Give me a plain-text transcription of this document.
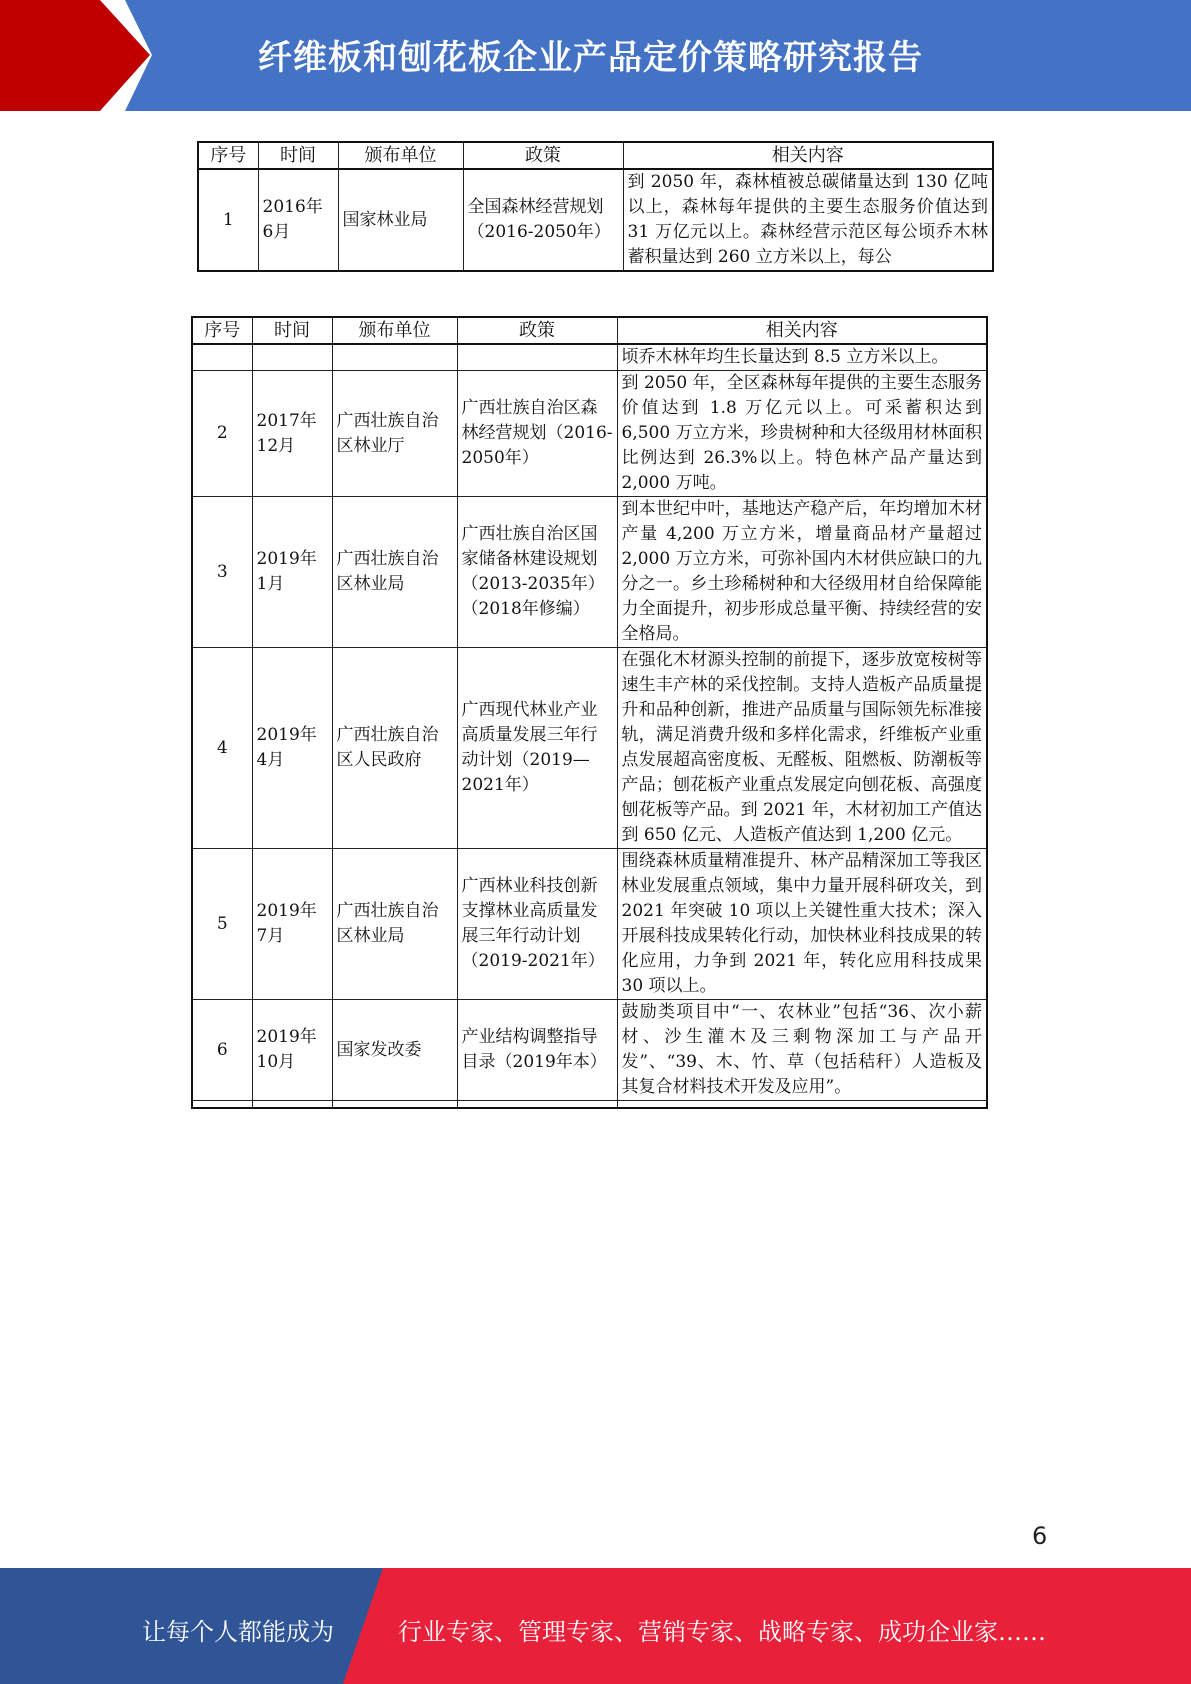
纤维板和刨花板企业产品定价策略研究报告
序号	时间	颁布单位	政策	相关内容
1	2016年6月	国家林业局	全国森林经营规划（2016-2050年）	到 2050 年，森林植被总碳储量达到 130 亿吨以上，森林每年提供的主要生态服务价值达到 31 万亿元以上。森林经营示范区每公顷乔木林蓄积量达到 260 立方米以上，每公
序号	时间	颁布单位	政策	相关内容
				顷乔木林年均生长量达到 8.5 立方米以上。
2	2017年12月	广西壮族自治区林业厅	广西壮族自治区森林经营规划（2016-2050年）	到 2050 年，全区森林每年提供的主要生态服务价值达到 1.8 万亿元以上。可采蓄积达到 6,500 万立方米，珍贵树种和大径级用材林面积比例达到 26.3%以上。特色林产品产量达到 2,000 万吨。
3	2019年1月	广西壮族自治区林业局	广西壮族自治区国家储备林建设规划（2013-2035年）（2018年修编）	到本世纪中叶，基地达产稳产后，年均增加木材产量 4,200 万立方米，增量商品材产量超过 2,000 万立方米，可弥补国内木材供应缺口的九分之一。乡土珍稀树种和大径级用材自给保障能力全面提升，初步形成总量平衡、持续经营的安全格局。
4	2019年4月	广西壮族自治区人民政府	广西现代林业产业高质量发展三年行动计划（2019—2021年）	在强化木材源头控制的前提下，逐步放宽桉树等速生丰产林的采伐控制。支持人造板产品质量提升和品种创新，推进产品质量与国际领先标准接轨，满足消费升级和多样化需求，纤维板产业重点发展超高密度板、无醛板、阻燃板、防潮板等产品；刨花板产业重点发展定向刨花板、高强度刨花板等产品。到 2021 年，木材初加工产值达到 650 亿元、人造板产值达到 1,200 亿元。
5	2019年7月	广西壮族自治区林业局	广西林业科技创新支撑林业高质量发展三年行动计划（2019-2021年）	围绕森林质量精准提升、林产品精深加工等我区林业发展重点领域，集中力量开展科研攻关，到 2021 年突破 10 项以上关键性重大技术；深入开展科技成果转化行动，加快林业科技成果的转化应用，力争到 2021 年，转化应用科技成果 30 项以上。
6	2019年10月	国家发改委	产业结构调整指导目录（2019年本）	鼓励类项目中“一、农林业”包括“36、次小薪材、沙生灌木及三剩物深加工与产品开发”、“39、木、竹、草（包括秸秆）人造板及其复合材料技术开发及应用”。

6
让每个人都能成为	行业专家、管理专家、营销专家、战略专家、成功企业家……
